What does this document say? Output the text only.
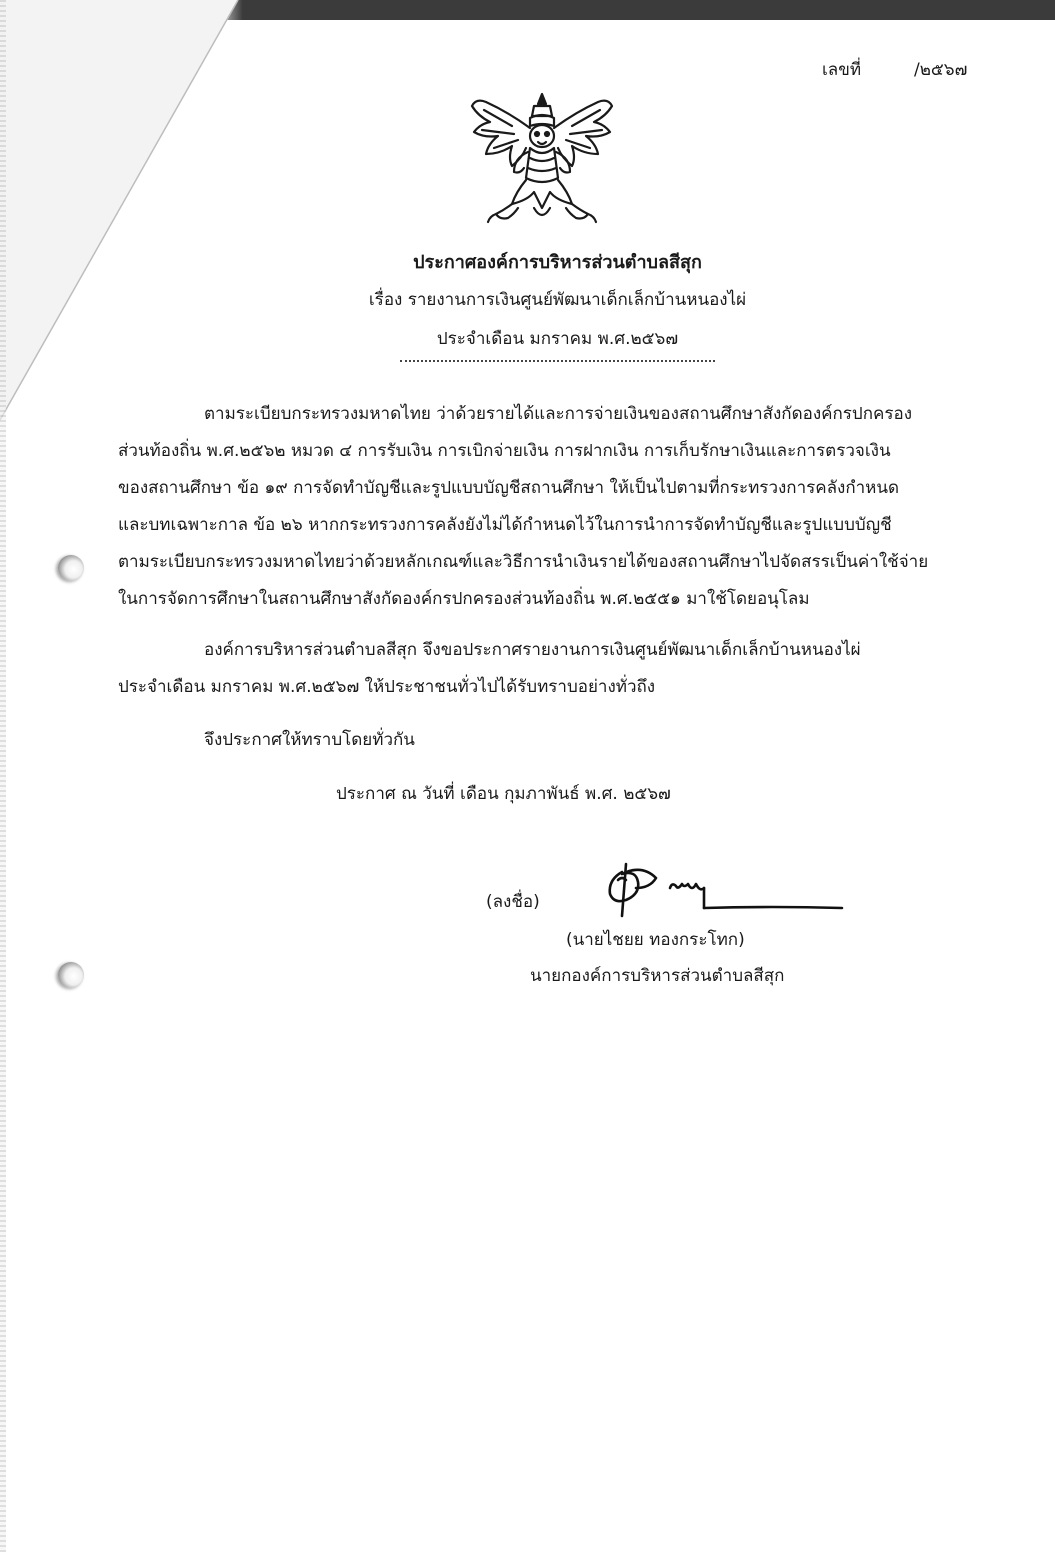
เลขที่	/๒๕๖๗
ประกาศองค์การบริหารส่วนตำบลสีสุก
เรื่อง รายงานการเงินศูนย์พัฒนาเด็กเล็กบ้านหนองไผ่
ประจำเดือน มกราคม พ.ศ.๒๕๖๗
ตามระเบียบกระทรวงมหาดไทย ว่าด้วยรายได้และการจ่ายเงินของสถานศึกษาสังกัดองค์กรปกครอง
ส่วนท้องถิ่น พ.ศ.๒๕๖๒ หมวด ๔ การรับเงิน การเบิกจ่ายเงิน การฝากเงิน การเก็บรักษาเงินและการตรวจเงิน
ของสถานศึกษา ข้อ ๑๙ การจัดทำบัญชีและรูปแบบบัญชีสถานศึกษา ให้เป็นไปตามที่กระทรวงการคลังกำหนด
และบทเฉพาะกาล ข้อ ๒๖ หากกระทรวงการคลังยังไม่ได้กำหนดไว้ในการนำการจัดทำบัญชีและรูปแบบบัญชี
ตามระเบียบกระทรวงมหาดไทยว่าด้วยหลักเกณฑ์และวิธีการนำเงินรายได้ของสถานศึกษาไปจัดสรรเป็นค่าใช้จ่าย
ในการจัดการศึกษาในสถานศึกษาสังกัดองค์กรปกครองส่วนท้องถิ่น พ.ศ.๒๕๕๑ มาใช้โดยอนุโลม
องค์การบริหารส่วนตำบลสีสุก จึงขอประกาศรายงานการเงินศูนย์พัฒนาเด็กเล็กบ้านหนองไผ่
ประจำเดือน มกราคม พ.ศ.๒๕๖๗ ให้ประชาชนทั่วไปได้รับทราบอย่างทั่วถึง
จึงประกาศให้ทราบโดยทั่วกัน
ประกาศ ณ วันที่ เดือน กุมภาพันธ์ พ.ศ. ๒๕๖๗
(ลงชื่อ)
(นายไชยย ทองกระโทก)
นายกองค์การบริหารส่วนตำบลสีสุก
